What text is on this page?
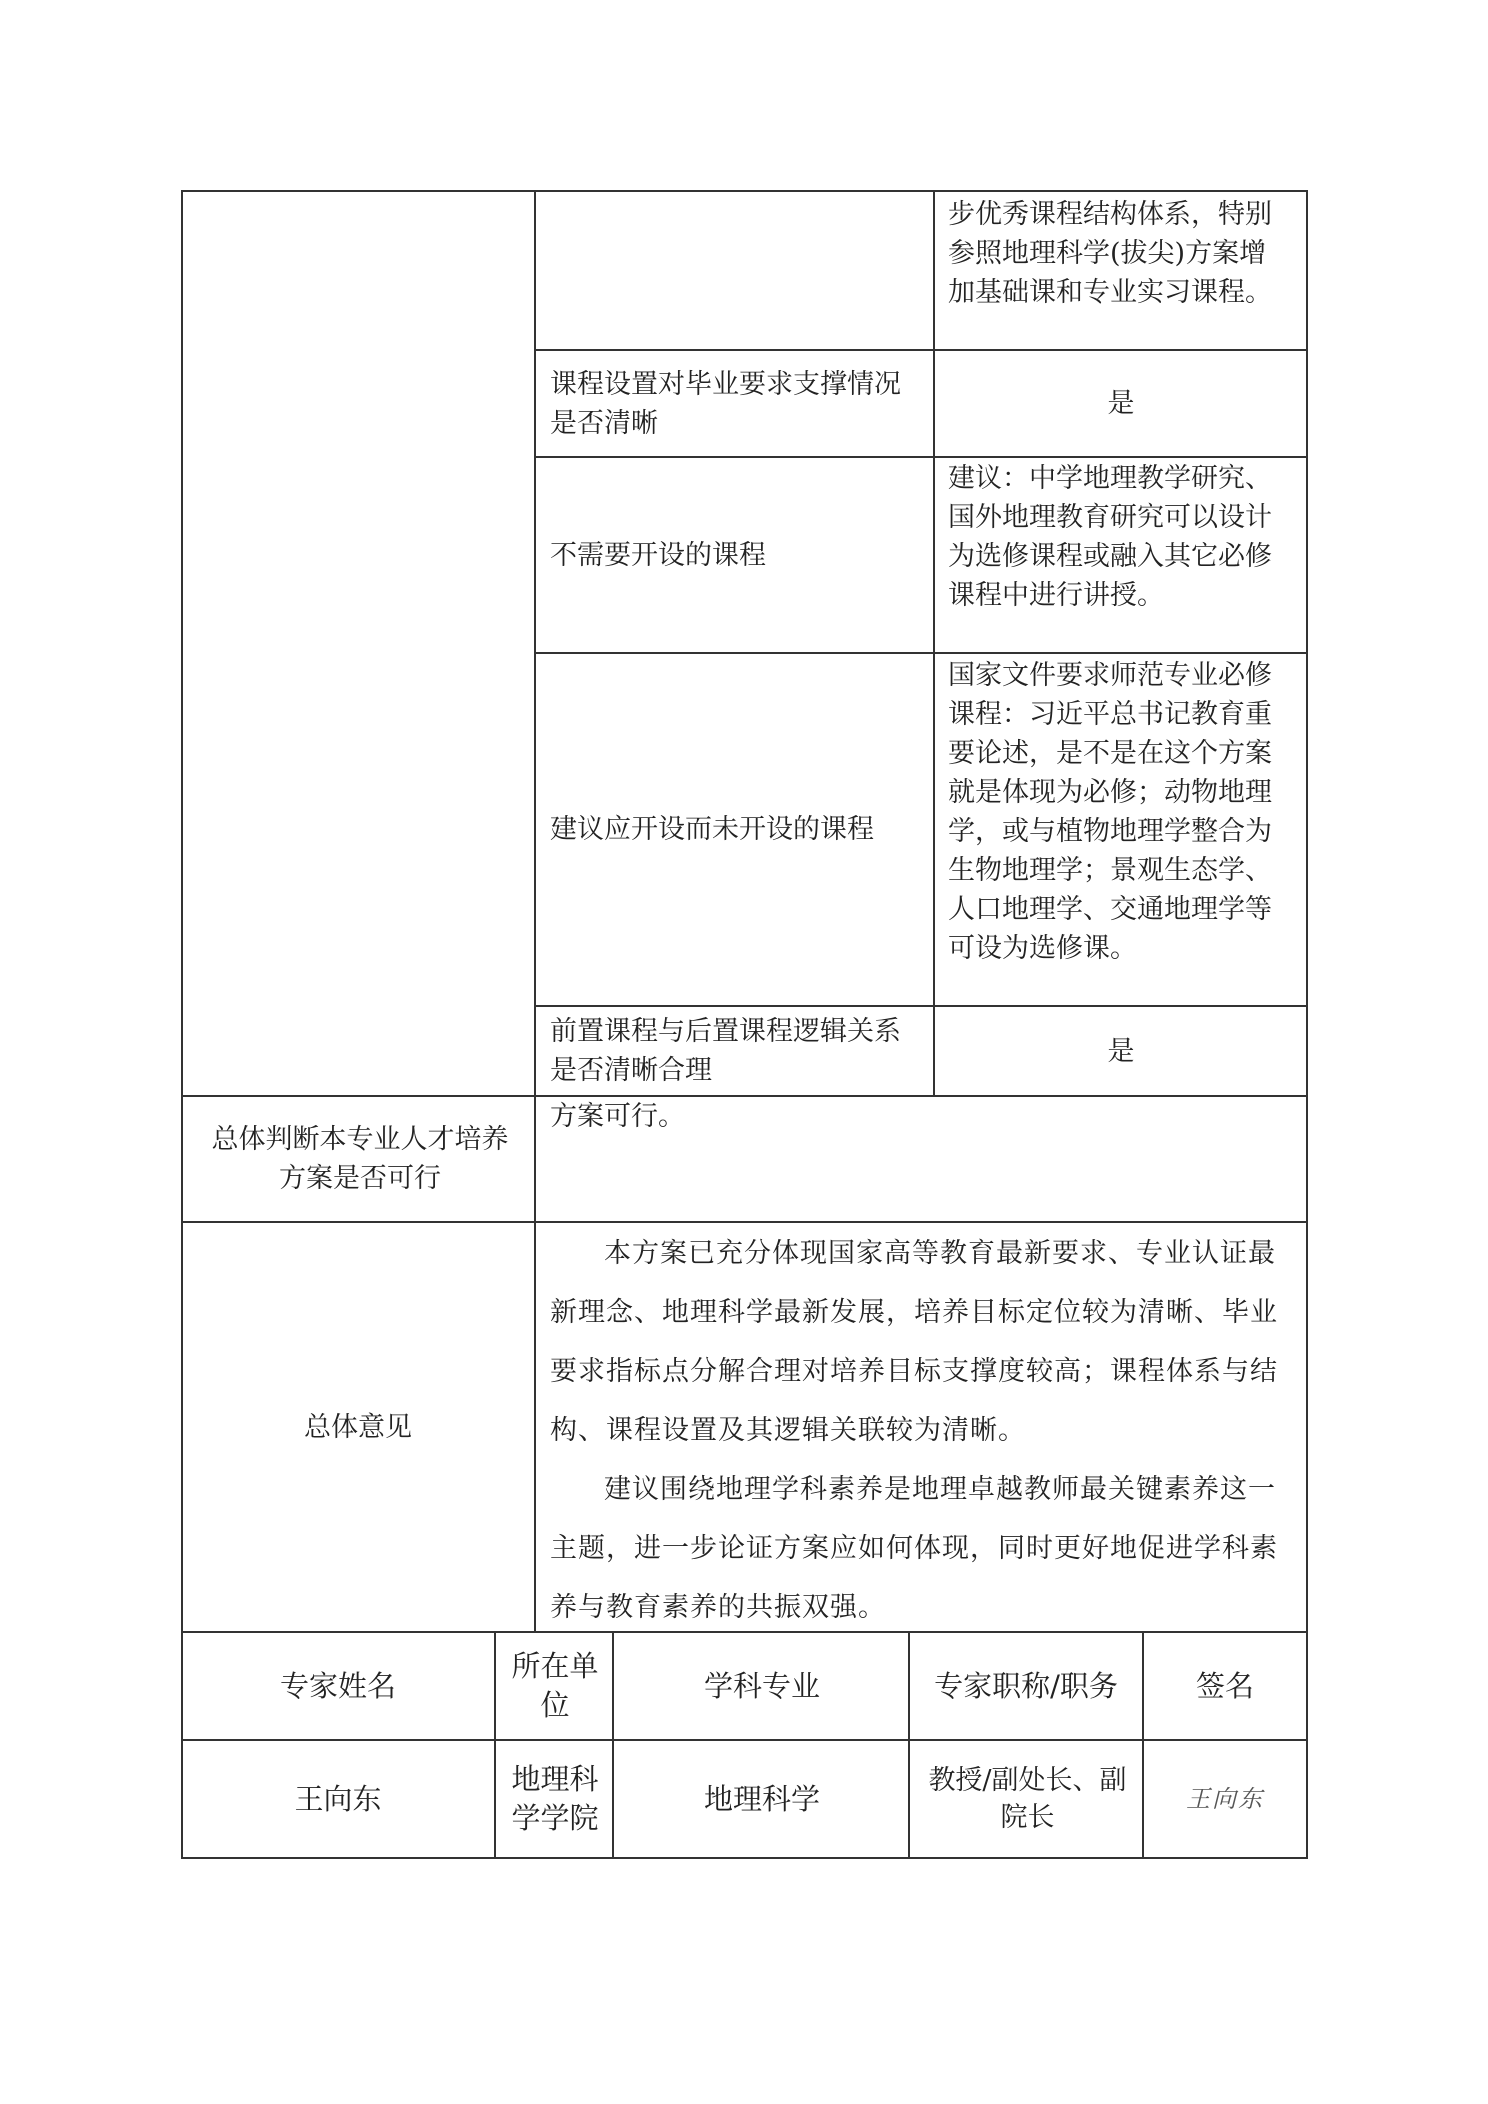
步优秀课程结构体系，特别参照地理科学(拔尖)方案增加基础课和专业实习课程。
课程设置对毕业要求支撑情况是否清晰
是
不需要开设的课程
建议：中学地理教学研究、国外地理教育研究可以设计为选修课程或融入其它必修课程中进行讲授。
建议应开设而未开设的课程
国家文件要求师范专业必修课程：习近平总书记教育重要论述，是不是在这个方案就是体现为必修；动物地理学，或与植物地理学整合为生物地理学；景观生态学、人口地理学、交通地理学等可设为选修课。
前置课程与后置课程逻辑关系是否清晰合理
是
总体判断本专业人才培养方案是否可行
方案可行。
总体意见
本方案已充分体现国家高等教育最新要求、专业认证最新理念、地理科学最新发展，培养目标定位较为清晰、毕业要求指标点分解合理对培养目标支撑度较高；课程体系与结构、课程设置及其逻辑关联较为清晰。
建议围绕地理学科素养是地理卓越教师最关键素养这一主题，进一步论证方案应如何体现，同时更好地促进学科素养与教育素养的共振双强。
专家姓名
所在单位
学科专业	专家职称/职务	签名
王向东
地理科学学院
地理科学
教授/副处长、副院长
王向东
